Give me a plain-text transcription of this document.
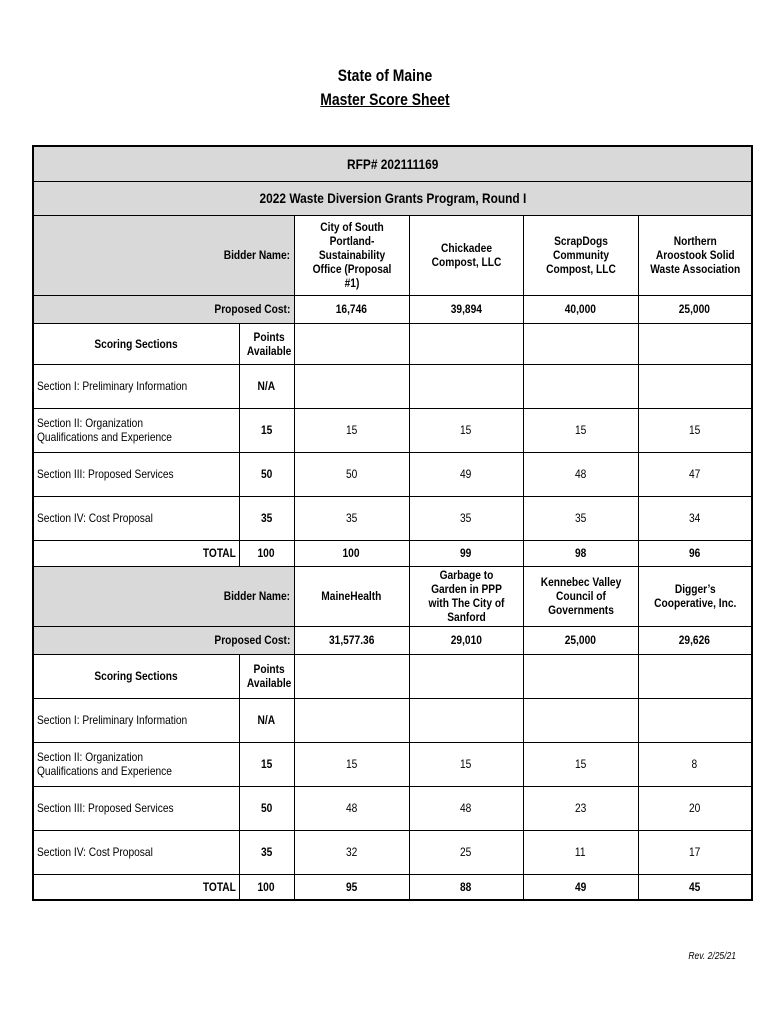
State of Maine
Master Score Sheet
RFP# 202111169					
2022 Waste Diversion Grants Program, Round I					
Bidder Name:		City of South Portland- Sustainability Office (Proposal #1)	Chickadee Compost, LLC	ScrapDogs Community Compost, LLC	Northern Aroostook Solid Waste Association
Proposed Cost:		16,746	39,894	40,000	25,000
Scoring Sections	Points Available				
Section I: Preliminary Information	N/A				
Section II: Organization Qualifications and Experience	15	15	15	15	15
Section III: Proposed Services	50	50	49	48	47
Section IV: Cost Proposal	35	35	35	35	34
TOTAL	100	100	99	98	96
Bidder Name:		MaineHealth	Garbage to Garden in PPP with The City of Sanford	Kennebec Valley Council of Governments	Digger’s Cooperative, Inc.
Proposed Cost:		31,577.36	29,010	25,000	29,626
Scoring Sections	Points Available				
Section I: Preliminary Information	N/A				
Section II: Organization Qualifications and Experience	15	15	15	15	8
Section III: Proposed Services	50	48	48	23	20
Section IV: Cost Proposal	35	32	25	11	17
TOTAL	100	95	88	49	45
Rev. 2/25/21
